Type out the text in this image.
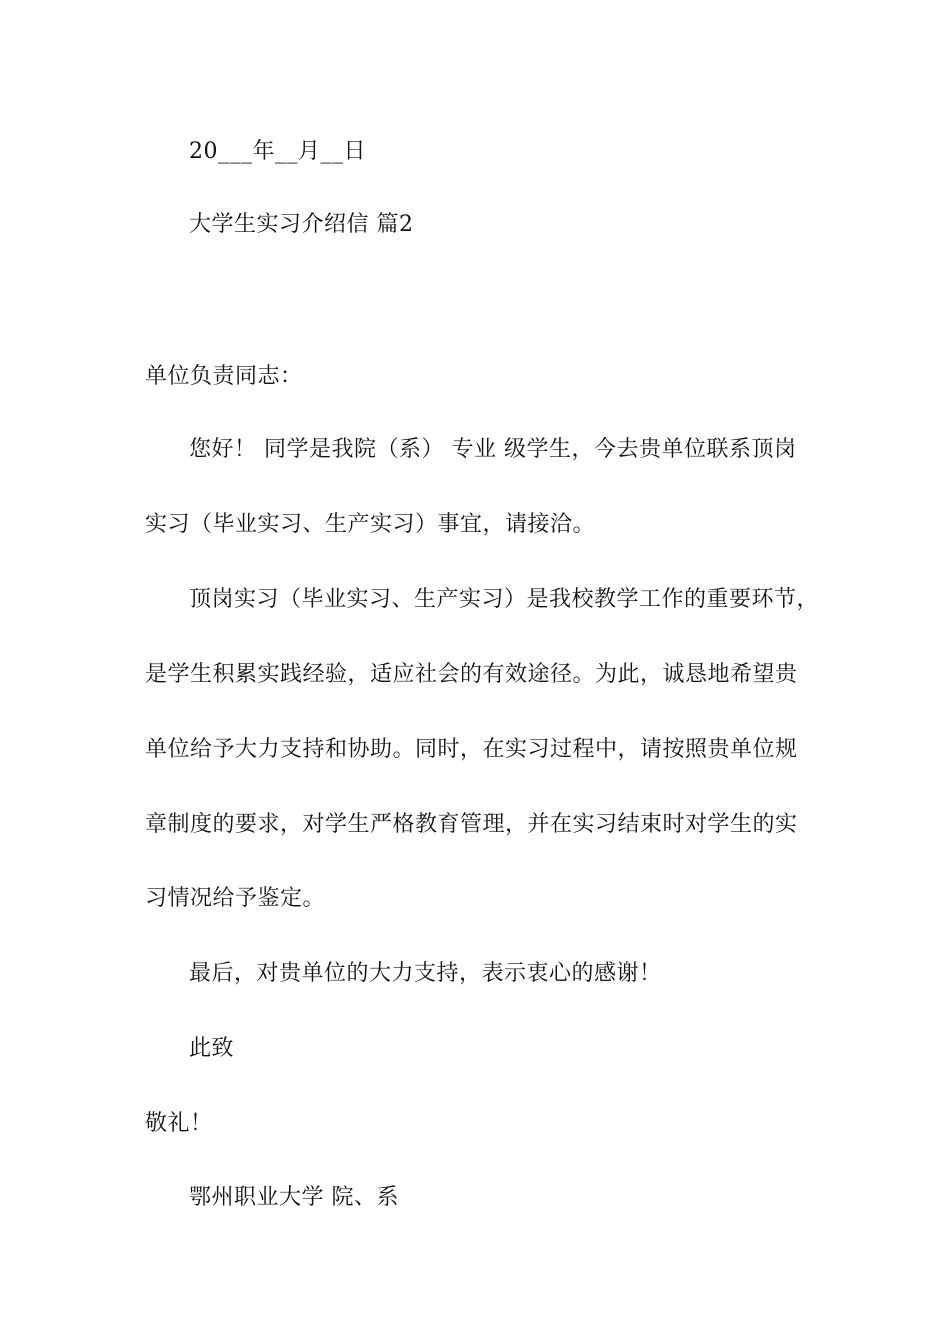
20___年__月__日
大学生实习介绍信 篇2
单位负责同志：
您好！ 同学是我院（系） 专业 级学生，今去贵单位联系顶岗
实习（毕业实习、生产实习）事宜，请接洽。
顶岗实习（毕业实习、生产实习）是我校教学工作的重要环节，
是学生积累实践经验，适应社会的有效途径。为此，诚恳地希望贵
单位给予大力支持和协助。同时，在实习过程中，请按照贵单位规
章制度的要求，对学生严格教育管理，并在实习结束时对学生的实
习情况给予鉴定。
最后，对贵单位的大力支持，表示衷心的感谢！
此致
敬礼！
鄂州职业大学 院、系
